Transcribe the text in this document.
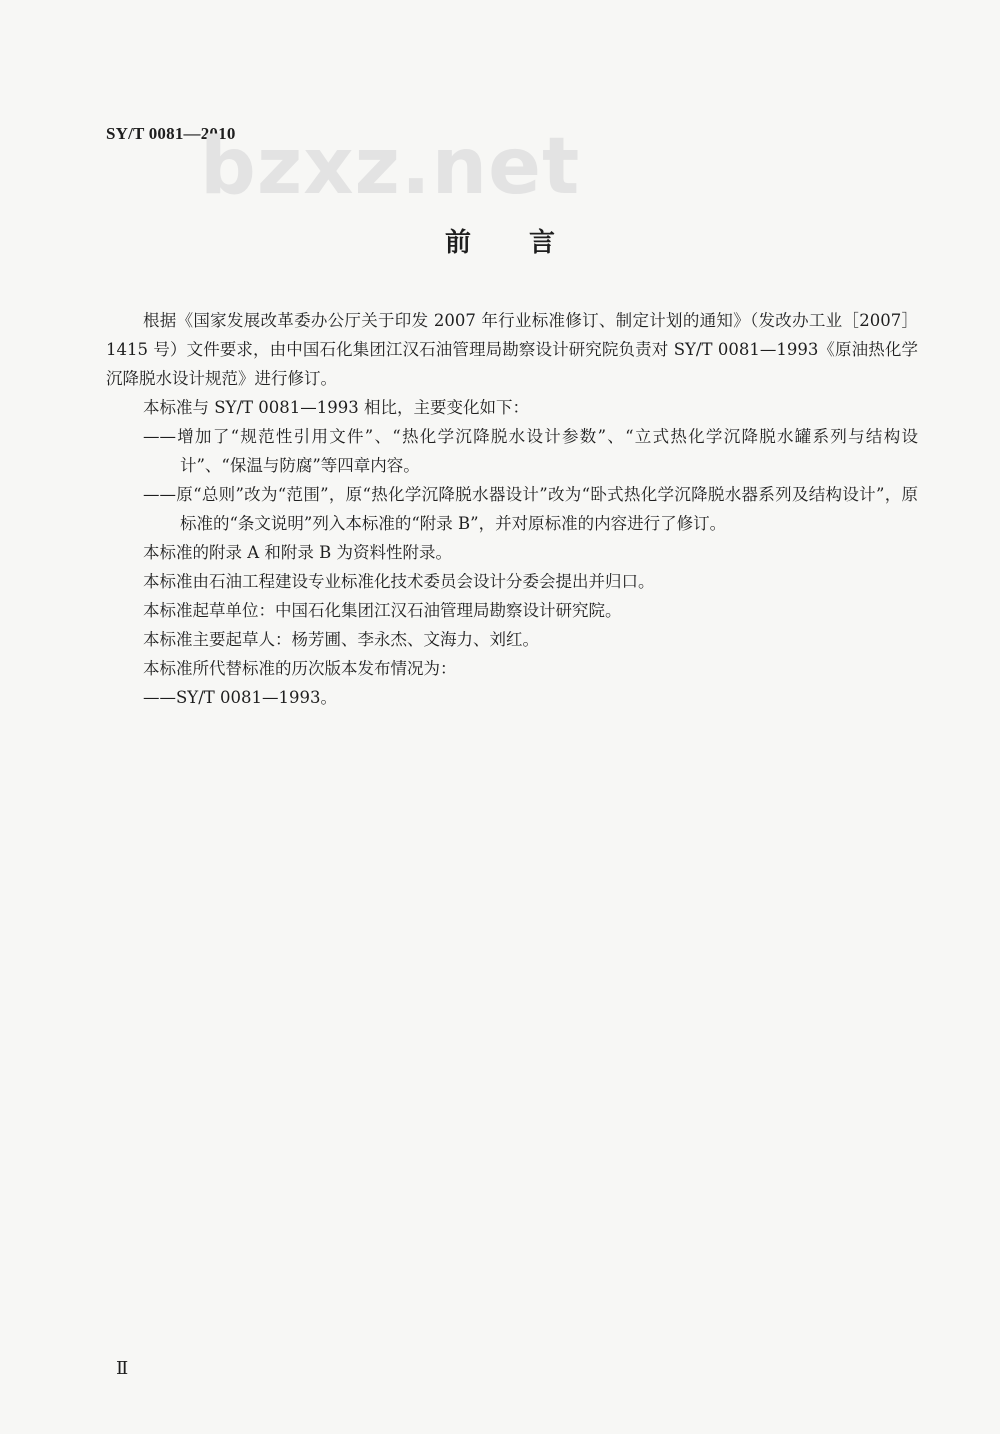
SY/T 0081—2010
bzxz.net
前言

根据《国家发展改革委办公厅关于印发 2007 年行业标准修订、制定计划的通知》（发改办工业［2007］1415 号）文件要求，由中国石化集团江汉石油管理局勘察设计研究院负责对 SY/T 0081—1993《原油热化学沉降脱水设计规范》进行修订。

本标准与 SY/T 0081—1993 相比，主要变化如下：

——增加了“规范性引用文件”、“热化学沉降脱水设计参数”、“立式热化学沉降脱水罐系列与结构设计”、“保温与防腐”等四章内容。

——原“总则”改为“范围”，原“热化学沉降脱水器设计”改为“卧式热化学沉降脱水器系列及结构设计”，原标准的“条文说明”列入本标准的“附录 B”，并对原标准的内容进行了修订。

本标准的附录 A 和附录 B 为资料性附录。

本标准由石油工程建设专业标准化技术委员会设计分委会提出并归口。

本标准起草单位：中国石化集团江汉石油管理局勘察设计研究院。

本标准主要起草人：杨芳圃、李永杰、文海力、刘红。

本标准所代替标准的历次版本发布情况为：

——SY/T 0081—1993。

Ⅱ
